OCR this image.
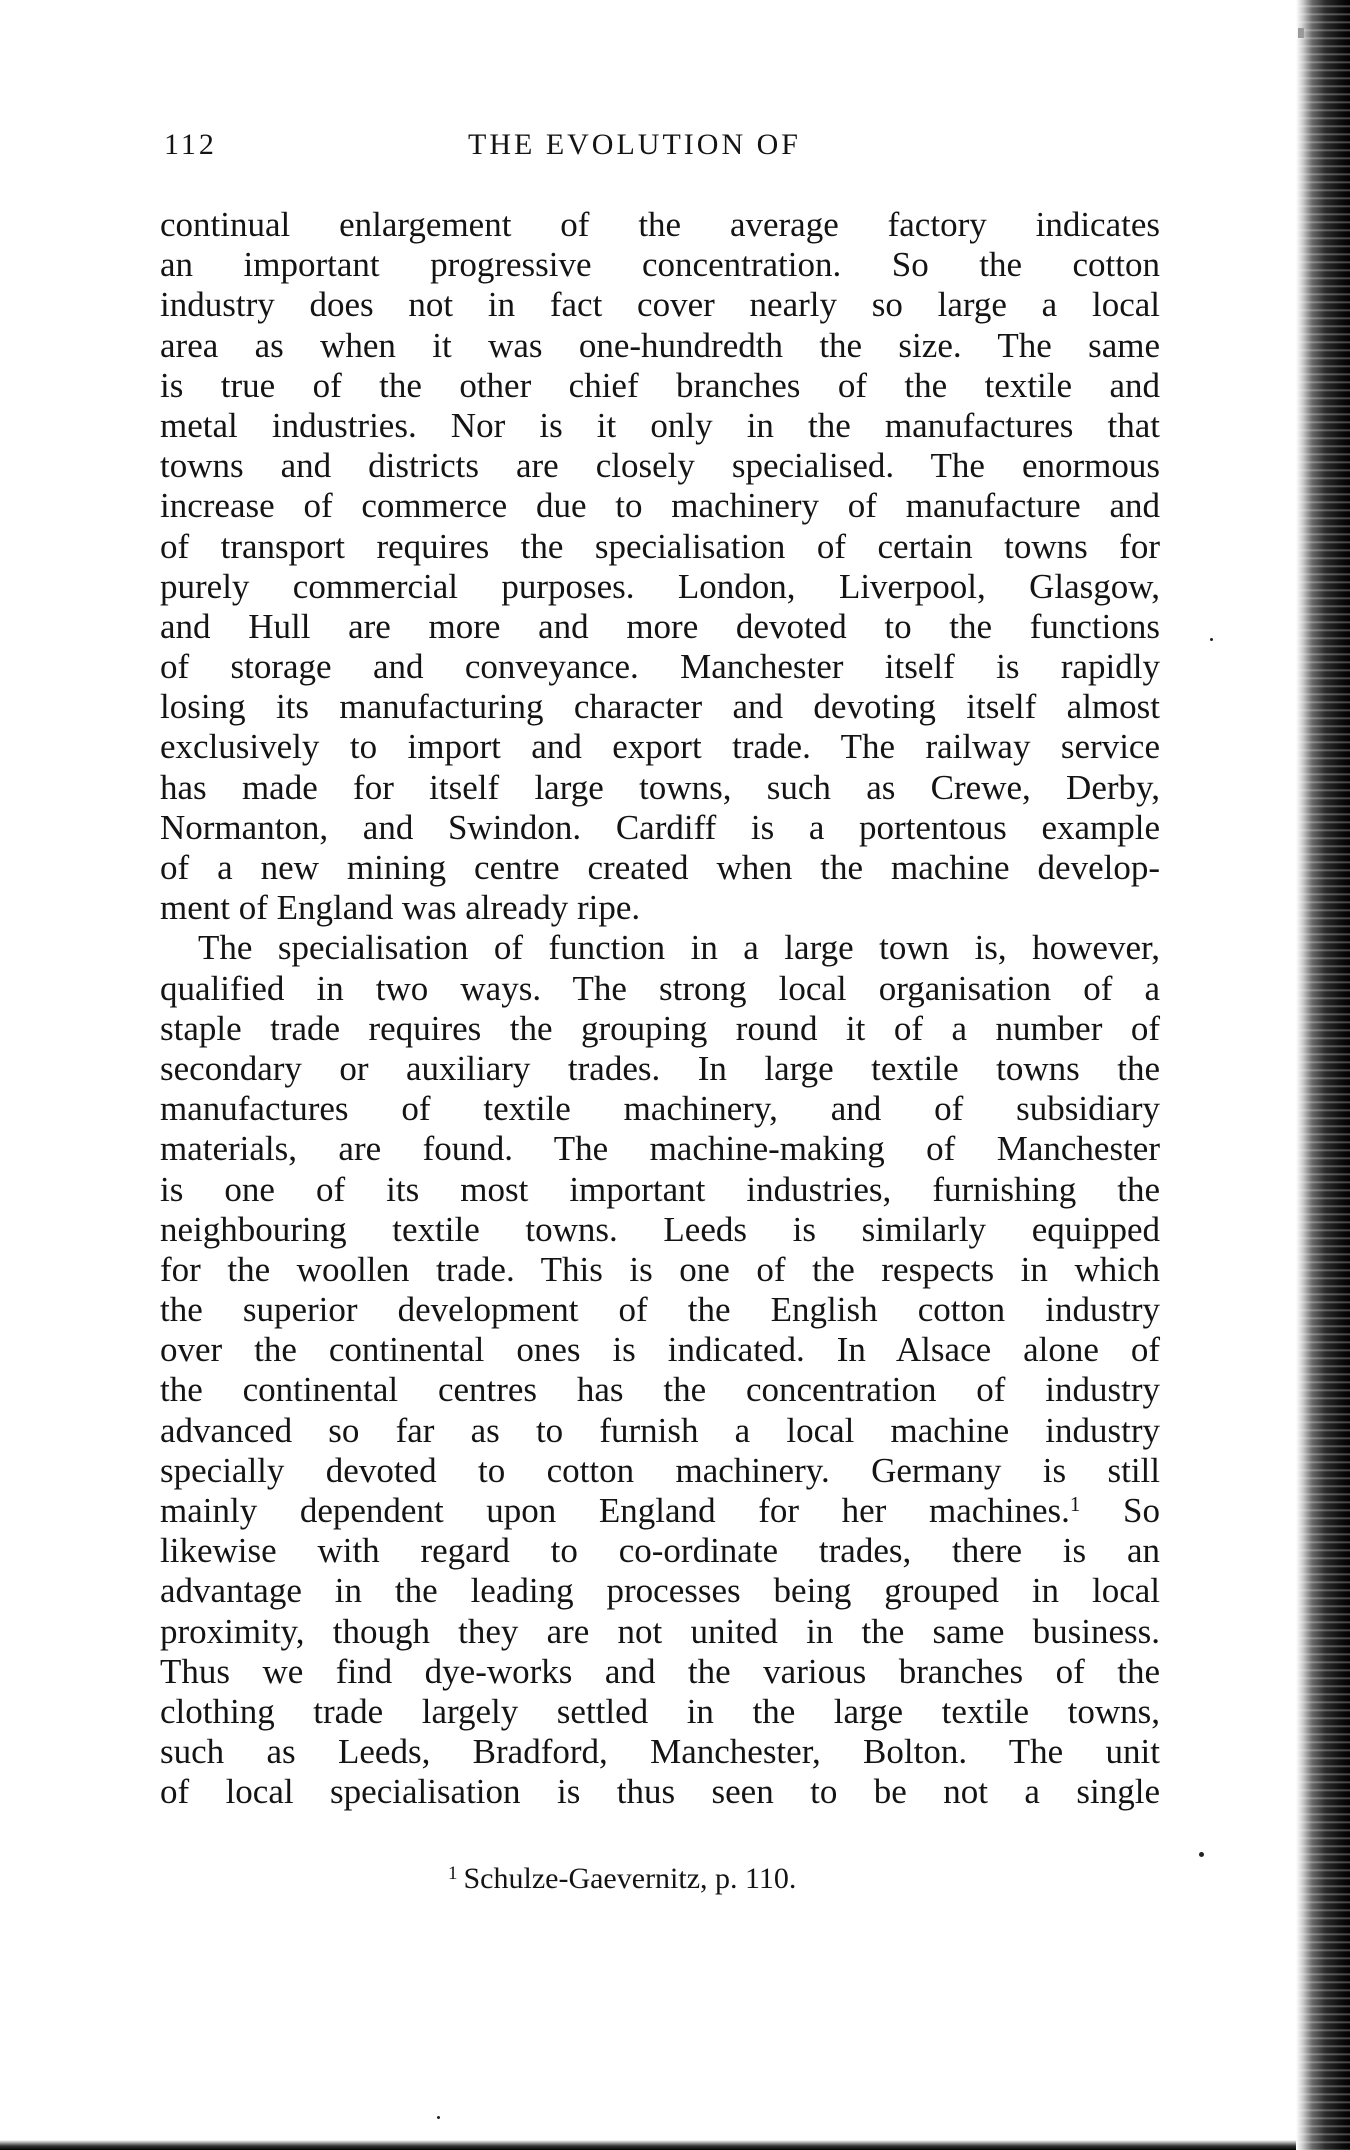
112	THE EVOLUTION OF
continual enlargement of the average factory indicates
an important progressive concentration. So the cotton
industry does not in fact cover nearly so large a local
area as when it was one-hundredth the size. The same
is true of the other chief branches of the textile and
metal industries. Nor is it only in the manufactures that
towns and districts are closely specialised. The enormous
increase of commerce due to machinery of manufacture and
of transport requires the specialisation of certain towns for
purely commercial purposes. London, Liverpool, Glasgow,
and Hull are more and more devoted to the functions
of storage and conveyance. Manchester itself is rapidly
losing its manufacturing character and devoting itself almost
exclusively to import and export trade. The railway service
has made for itself large towns, such as Crewe, Derby,
Normanton, and Swindon. Cardiff is a portentous example
of a new mining centre created when the machine develop-
ment of England was already ripe.
The specialisation of function in a large town is, however,
qualified in two ways. The strong local organisation of a
staple trade requires the grouping round it of a number of
secondary or auxiliary trades. In large textile towns the
manufactures of textile machinery, and of subsidiary
materials, are found. The machine-making of Manchester
is one of its most important industries, furnishing the
neighbouring textile towns. Leeds is similarly equipped
for the woollen trade. This is one of the respects in which
the superior development of the English cotton industry
over the continental ones is indicated. In Alsace alone of
the continental centres has the concentration of industry
advanced so far as to furnish a local machine industry
specially devoted to cotton machinery. Germany is still
mainly dependent upon England for her machines.$^1$ So
likewise with regard to co-ordinate trades, there is an
advantage in the leading processes being grouped in local
proximity, though they are not united in the same business.
Thus we find dye-works and the various branches of the
clothing trade largely settled in the large textile towns,
such as Leeds, Bradford, Manchester, Bolton. The unit
of local specialisation is thus seen to be not a single
$^1$ Schulze-Gaevernitz, p. 110.
